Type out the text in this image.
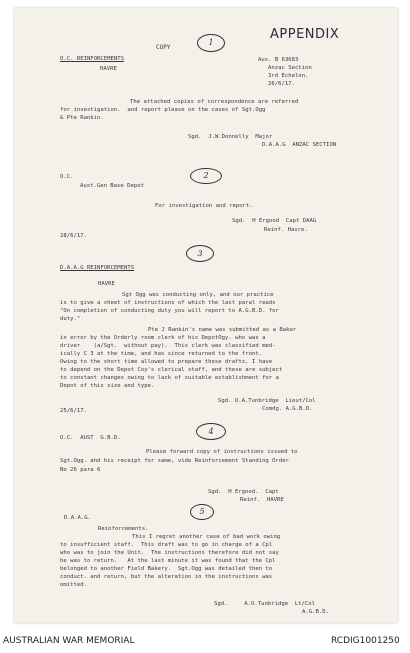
COPY
1
APPENDIX
O.C. REINFORCEMENTS
HAVRE
Aus. B 63683
Anzac Section
3rd Echelon.
26/6/17.
The attached copies of correspondence are referred
for investigation.  and report please on the cases of Sgt.Ogg
& Pte Rankin.
Sgd.  J.W.Donnelly  Major
D.A.A.G  ANZAC SECTION
2
O.C.
Aust.Gen Base Depot
For investigation and report.
Sgd.  H Ergood  Capt DAAG
Reinf. Havre.
28/6/17.
3
D.A.A.G REINFORCEMENTS
HAVRE
Sgt Ogg was conducting only, and our practice
is to give a sheet of instructions of which the last paral reads
"On completion of conducting duty you will report to A.G.B.D. for
duty."
Pte J Rankin's name was submitted as a Baker
in error by the Orderly room clerk of his DepotOgy. who was a
driver    (a/Sgt.  without pay).  This clerk was classified med-
ically C 3 at the time, and has since returned to the front.
Owing to the short time allowed to prepare these drafts, I have
to depend on the Depot Coy's clerical staff, and these are subject
to constant changes owing to lack of suitable establishment for a
Depot of this size and type.
Sgd. O.A.Tunbridge  Lieut/Col
Comdg. A.G.B.D.
25/6/17.
4
O.C.  AUST  G.B.D.
Please forward copy of instructions issued to
Sgt.Ogg. and his receipt for same, vide Reinforcement Standing Order
No 26 para 6
Sgd.  H Ergood.  Capt
Reinf.  HAVRE
5
D.A.A.G.
Reinforcements.
This I regret another case of bad work owing
to insufficient staff.  This draft was to go in charge of a Cpl
who was to join the Unit.  The instructions therefore did not say
he was to return.   At the last minute it was found that the Cpl
belonged to another Field Bakery.  Sgt.Ogg was detailed then to
conduct. and return, but the alteration in the instructions was
omitted.
Sgd.     A.O.Tunbridge  Lt/Col
A.G.B.D.
AUSTRALIAN WAR MEMORIAL	RCDIG1001250
